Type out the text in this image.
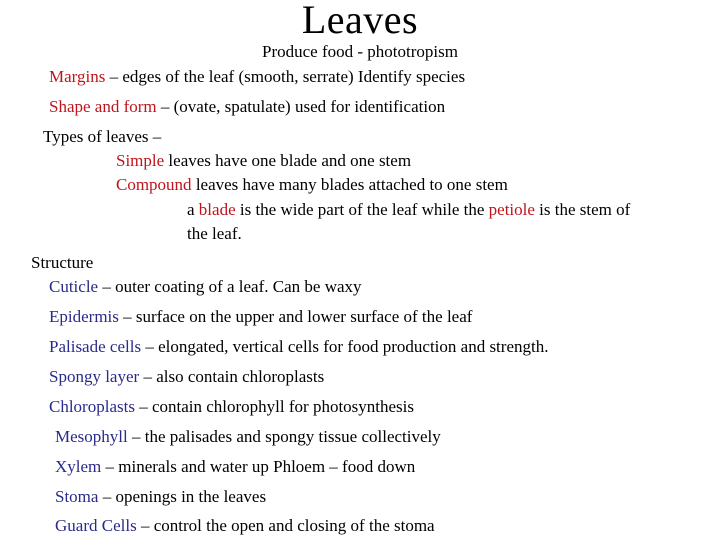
Leaves
Produce food - phototropism
Margins – edges of the leaf (smooth, serrate) Identify species
Shape and form – (ovate, spatulate) used for identification
Types of leaves –
Simple leaves have one blade and one stem
Compound leaves have many blades attached to one stem
a blade is the wide part of the leaf while the petiole is the stem of
the leaf.
Structure
Cuticle – outer coating of a leaf. Can be waxy
Epidermis – surface on the upper and lower surface of the leaf
Palisade cells – elongated, vertical cells for food production and strength.
Spongy layer – also contain chloroplasts
Chloroplasts – contain chlorophyll for photosynthesis
Mesophyll – the palisades and spongy tissue collectively
Xylem – minerals and water up Phloem – food down
Stoma – openings in the leaves
Guard Cells – control the open and closing of the stoma
